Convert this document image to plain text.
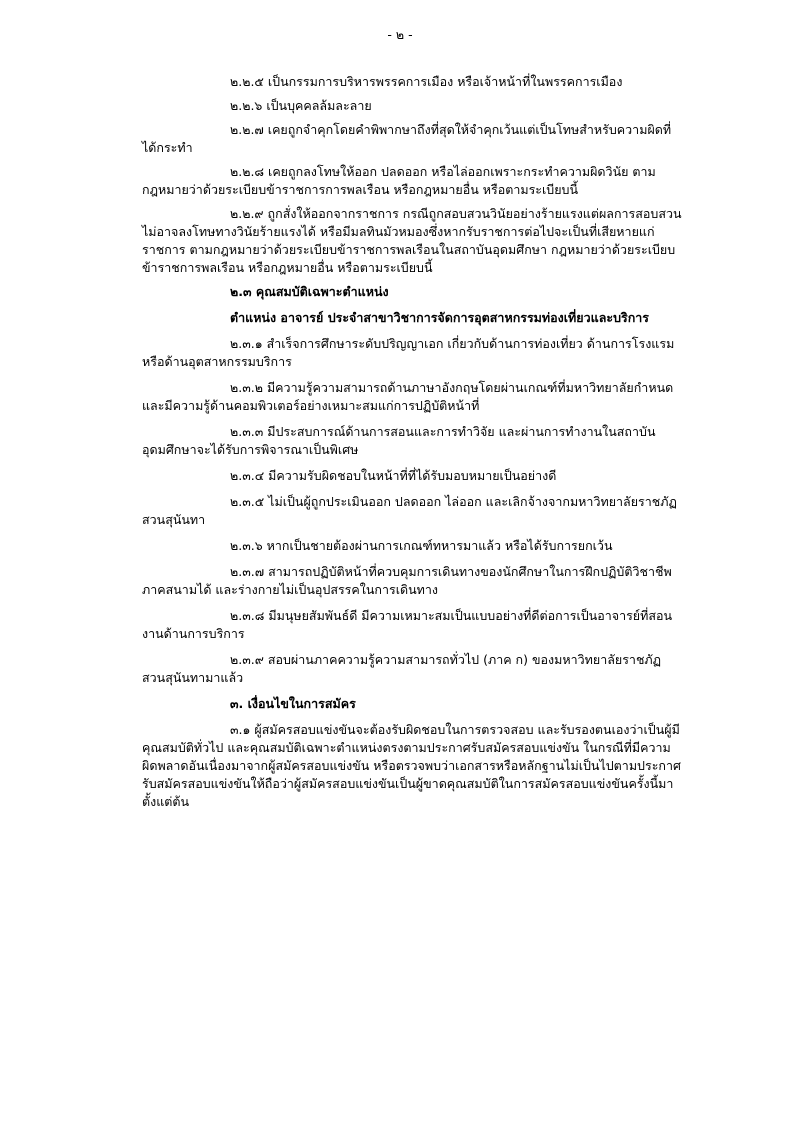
- ๒ -

๒.๒.๕ เป็นกรรมการบริหารพรรคการเมือง หรือเจ้าหน้าที่ในพรรคการเมือง

๒.๒.๖ เป็นบุคคลล้มละลาย

๒.๒.๗ เคยถูกจำคุกโดยคำพิพากษาถึงที่สุดให้จำคุกเว้นแต่เป็นโทษสำหรับความผิดที่ได้กระทำ

๒.๒.๘ เคยถูกลงโทษให้ออก ปลดออก หรือไล่ออกเพราะกระทำความผิดวินัย ตามกฎหมายว่าด้วยระเบียบข้าราชการการพลเรือน หรือกฎหมายอื่น หรือตามระเบียบนี้

๒.๒.๙ ถูกสั่งให้ออกจากราชการ กรณีถูกสอบสวนวินัยอย่างร้ายแรงแต่ผลการสอบสวนไม่อาจลงโทษทางวินัยร้ายแรงได้ หรือมีมลทินมัวหมองซึ่งหากรับราชการต่อไปจะเป็นที่เสียหายแก่ราชการ ตามกฎหมายว่าด้วยระเบียบข้าราชการพลเรือนในสถาบันอุดมศึกษา กฎหมายว่าด้วยระเบียบข้าราชการพลเรือน หรือกฎหมายอื่น หรือตามระเบียบนี้

๒.๓ คุณสมบัติเฉพาะตำแหน่ง

ตำแหน่ง อาจารย์ ประจำสาขาวิชาการจัดการอุตสาหกรรมท่องเที่ยวและบริการ

๒.๓.๑ สำเร็จการศึกษาระดับปริญญาเอก เกี่ยวกับด้านการท่องเที่ยว ด้านการโรงแรมหรือด้านอุตสาหกรรมบริการ

๒.๓.๒ มีความรู้ความสามารถด้านภาษาอังกฤษโดยผ่านเกณฑ์ที่มหาวิทยาลัยกำหนด และมีความรู้ด้านคอมพิวเตอร์อย่างเหมาะสมแก่การปฏิบัติหน้าที่

๒.๓.๓ มีประสบการณ์ด้านการสอนและการทำวิจัย และผ่านการทำงานในสถาบันอุดมศึกษาจะได้รับการพิจารณาเป็นพิเศษ

๒.๓.๔ มีความรับผิดชอบในหน้าที่ที่ได้รับมอบหมายเป็นอย่างดี

๒.๓.๕ ไม่เป็นผู้ถูกประเมินออก ปลดออก ไล่ออก และเลิกจ้างจากมหาวิทยาลัยราชภัฏสวนสุนันทา

๒.๓.๖ หากเป็นชายต้องผ่านการเกณฑ์ทหารมาแล้ว หรือได้รับการยกเว้น

๒.๓.๗ สามารถปฏิบัติหน้าที่ควบคุมการเดินทางของนักศึกษาในการฝึกปฏิบัติวิชาชีพภาคสนามได้ และร่างกายไม่เป็นอุปสรรคในการเดินทาง

๒.๓.๘ มีมนุษยสัมพันธ์ดี มีความเหมาะสมเป็นแบบอย่างที่ดีต่อการเป็นอาจารย์ที่สอนงานด้านการบริการ

๒.๓.๙ สอบผ่านภาคความรู้ความสามารถทั่วไป (ภาค ก) ของมหาวิทยาลัยราชภัฏสวนสุนันทามาแล้ว

๓. เงื่อนไขในการสมัคร

๓.๑ ผู้สมัครสอบแข่งขันจะต้องรับผิดชอบในการตรวจสอบ และรับรองตนเองว่าเป็นผู้มีคุณสมบัติทั่วไป และคุณสมบัติเฉพาะตำแหน่งตรงตามประกาศรับสมัครสอบแข่งขัน ในกรณีที่มีความผิดพลาดอันเนื่องมาจากผู้สมัครสอบแข่งขัน หรือตรวจพบว่าเอกสารหรือหลักฐานไม่เป็นไปตามประกาศ รับสมัครสอบแข่งขันให้ถือว่าผู้สมัครสอบแข่งขันเป็นผู้ขาดคุณสมบัติในการสมัครสอบแข่งขันครั้งนี้มาตั้งแต่ต้น
